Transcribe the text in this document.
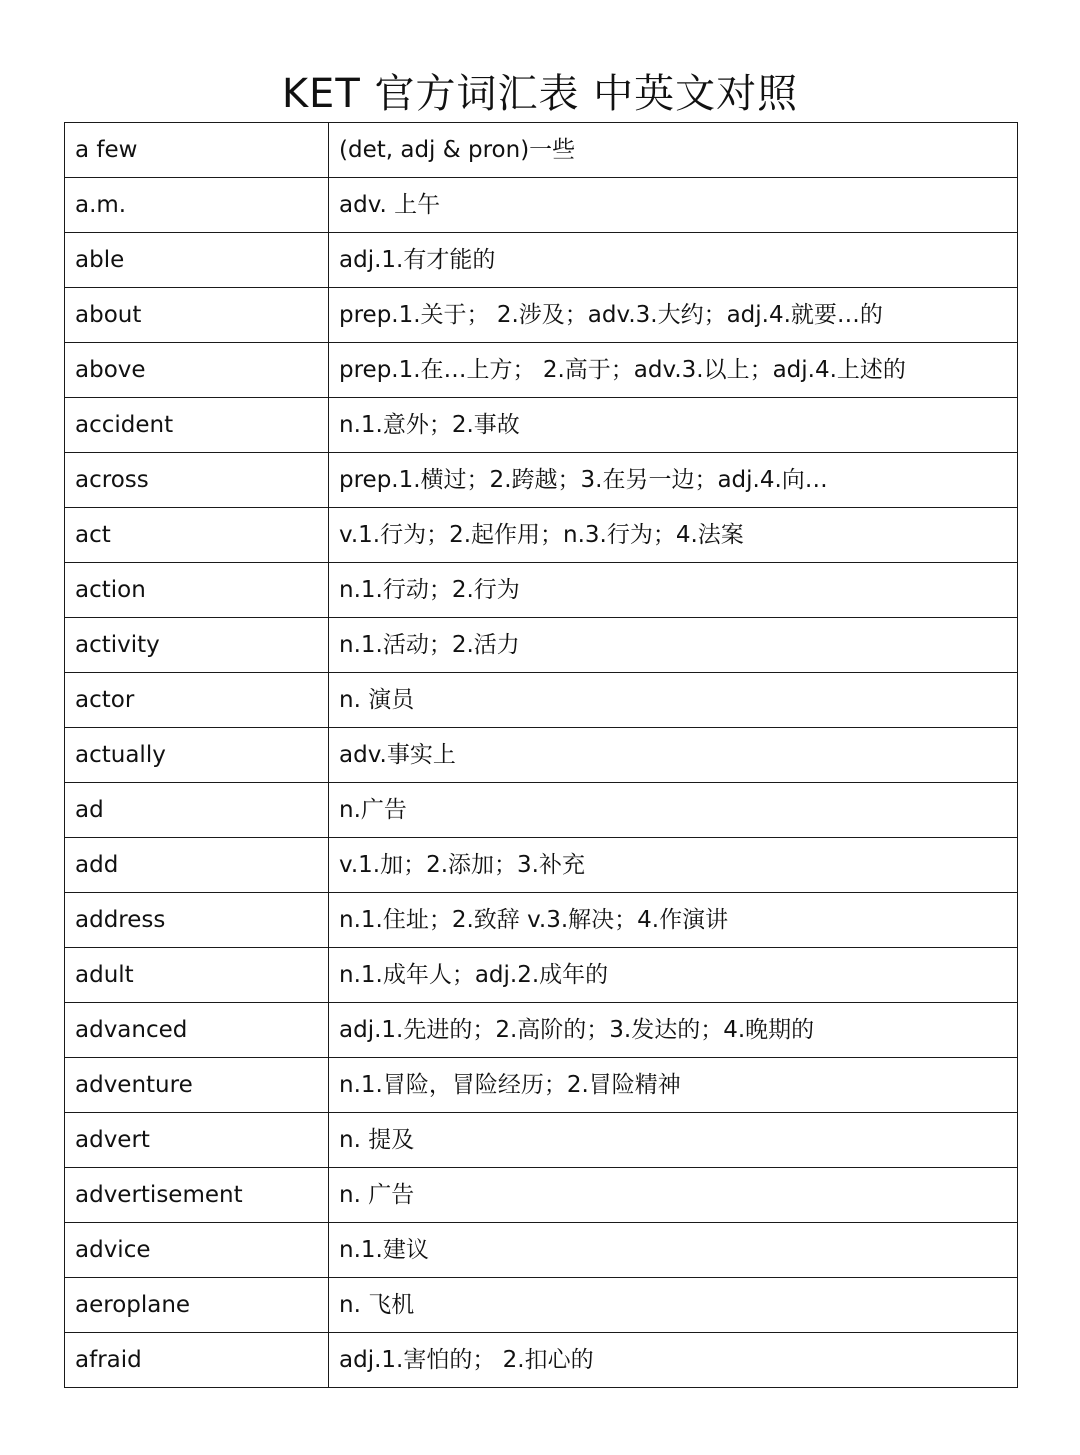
KET 官方词汇表 中英文对照
a few	(det, adj & pron)一些
a.m.	adv. 上午
able	adj.1.有才能的
about	prep.1.关于； 2.涉及；adv.3.大约；adj.4.就要…的
above	prep.1.在…上方； 2.高于；adv.3.以上；adj.4.上述的
accident	n.1.意外；2.事故
across	prep.1.横过；2.跨越；3.在另一边；adj.4.向…
act	v.1.行为；2.起作用；n.3.行为；4.法案
action	n.1.行动；2.行为
activity	n.1.活动；2.活力
actor	n. 演员
actually	adv.事实上
ad	n.广告
add	v.1.加；2.添加；3.补充
address	n.1.住址；2.致辞 v.3.解决；4.作演讲
adult	n.1.成年人；adj.2.成年的
advanced	adj.1.先进的；2.高阶的；3.发达的；4.晚期的
adventure	n.1.冒险，冒险经历；2.冒险精神
advert	n. 提及
advertisement	n. 广告
advice	n.1.建议
aeroplane	n. 飞机
afraid	adj.1.害怕的； 2.扣心的
